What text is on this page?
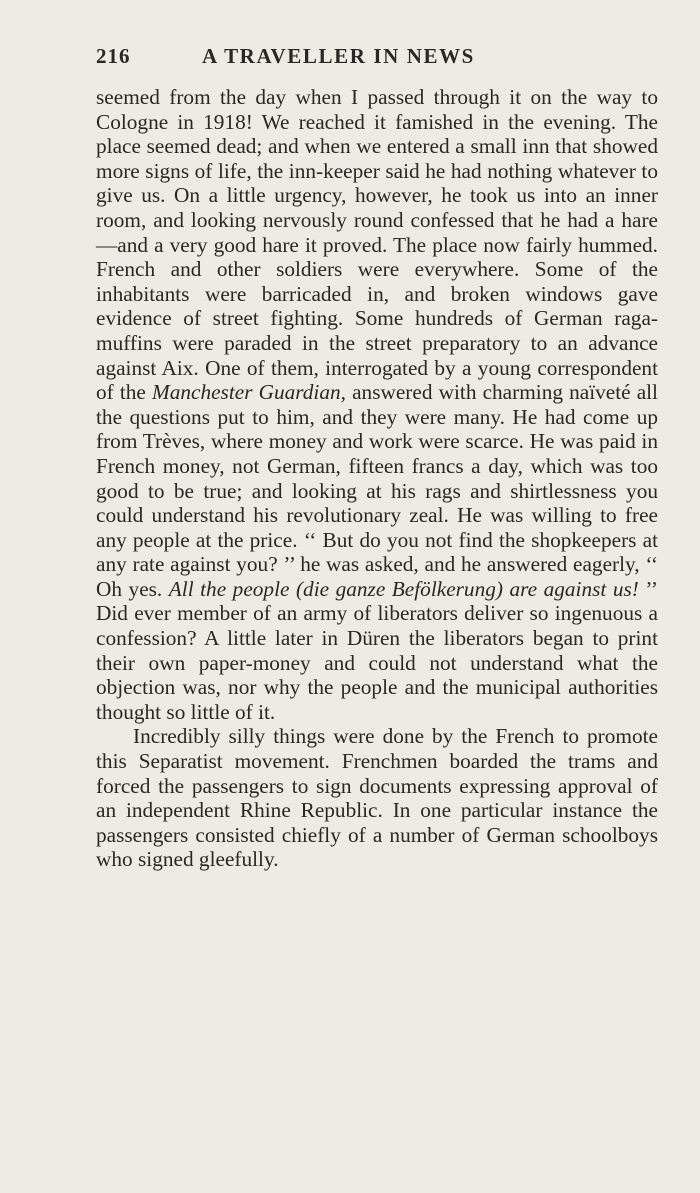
216	A TRAVELLER IN NEWS

seemed from the day when I passed through it on the way to Cologne in 1918! We reached it famished in the evening. The place seemed dead; and when we entered a small inn that showed more signs of life, the inn-keeper said he had nothing whatever to give us. On a little urgency, however, he took us into an inner room, and looking nervously round confessed that he had a hare—and a very good hare it proved. The place now fairly hummed. French and other soldiers were everywhere. Some of the inhabitants were barricaded in, and broken windows gave evidence of street fighting. Some hundreds of German ragamuffins were paraded in the street preparatory to an advance against Aix. One of them, interrogated by a young correspondent of the Manchester Guardian, answered with charming naïveté all the questions put to him, and they were many. He had come up from Trèves, where money and work were scarce. He was paid in French money, not German, fifteen francs a day, which was too good to be true; and looking at his rags and shirtlessness you could understand his revolutionary zeal. He was willing to free any people at the price. ‘‘ But do you not find the shopkeepers at any rate against you? ’’ he was asked, and he answered eagerly, ‘‘ Oh yes. All the people (die ganze Befölkerung) are against us! ’’ Did ever member of an army of liberators deliver so ingenuous a confession? A little later in Düren the liberators began to print their own paper-money and could not understand what the objection was, nor why the people and the municipal authorities thought so little of it.

Incredibly silly things were done by the French to promote this Separatist movement. Frenchmen boarded the trams and forced the passengers to sign documents expressing approval of an independent Rhine Republic. In one particular instance the passengers consisted chiefly of a number of German schoolboys who signed gleefully.
